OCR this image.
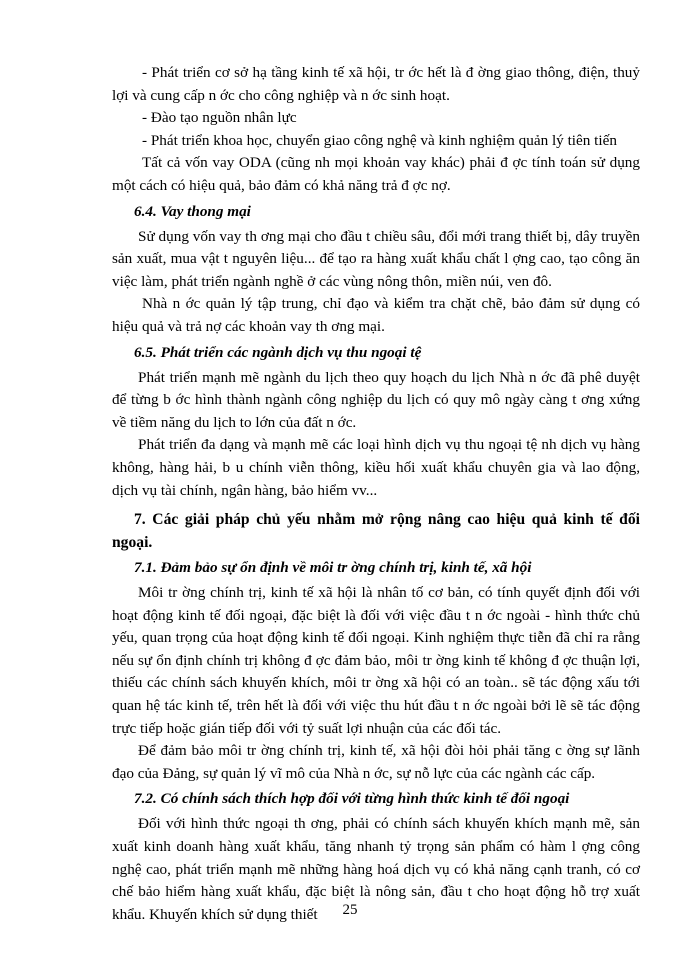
- Phát triển cơ sở hạ tầng kinh tế xã hội, tr ớc hết là đ ờng giao thông, điện, thuỷ lợi và cung cấp n ớc cho công nghiệp và n ớc sinh hoạt.

- Đào tạo nguồn nhân lực

- Phát triển khoa học, chuyển giao công nghệ và kinh nghiệm quản lý tiên tiến

Tất cả vốn vay ODA (cũng nh mọi khoản vay khác) phải đ ợc tính toán sử dụng một cách có hiệu quả, bảo đảm có khả năng trả đ ợc nợ.

6.4. Vay thong mại

Sử dụng vốn vay th ơng mại cho đầu t chiều sâu, đổi mới trang thiết bị, dây truyền sản xuất, mua vật t nguyên liệu... để tạo ra hàng xuất khẩu chất l ợng cao, tạo công ăn việc làm, phát triển ngành nghề ở các vùng nông thôn, miền núi, ven đô.

Nhà n ớc quản lý tập trung, chỉ đạo và kiểm tra chặt chẽ, bảo đảm sử dụng có hiệu quả và trả nợ các khoản vay th ơng mại.

6.5. Phát triển các ngành dịch vụ thu ngoại tệ

Phát triển mạnh mẽ ngành du lịch theo quy hoạch du lịch Nhà n ớc đã phê duyệt để từng b ớc hình thành ngành công nghiệp du lịch có quy mô ngày càng t ơng xứng về tiềm năng du lịch to lớn của đất n ớc.

Phát triển đa dạng và mạnh mẽ các loại hình dịch vụ thu ngoại tệ nh dịch vụ hàng không, hàng hải, b u chính viễn thông, kiều hối xuất khẩu chuyên gia và lao động, dịch vụ tài chính, ngân hàng, bảo hiểm vv...

7. Các giải pháp chủ yếu nhằm mở rộng nâng cao hiệu quả kinh tế đối ngoại.
7.1. Đảm bảo sự ổn định về môi tr ờng chính trị, kinh tế, xã hội

Môi tr ờng chính trị, kinh tế xã hội là nhân tố cơ bản, có tính quyết định đối với hoạt động kinh tế đối ngoại, đặc biệt là đối với việc đầu t n ớc ngoài - hình thức chủ yếu, quan trọng của hoạt động kinh tế đối ngoại. Kinh nghiệm thực tiễn đã chỉ ra rằng nếu sự ổn định chính trị không đ ợc đảm bảo, môi tr ờng kinh tế không đ ợc thuận lợi, thiếu các chính sách khuyến khích, môi tr ờng xã hội có an toàn.. sẽ tác động xấu tới quan hệ tác kinh tế, trên hết là đối với việc thu hút đầu t n ớc ngoài bởi lẽ sẽ tác động trực tiếp hoặc gián tiếp đối với tỷ suất lợi nhuận của các đối tác.

Để đảm bảo môi tr ờng chính trị, kinh tế, xã hội đòi hỏi phải tăng c ờng sự lãnh đạo của Đảng, sự quản lý vĩ mô của Nhà n ớc, sự nỗ lực của các ngành các cấp.

7.2. Có chính sách thích hợp đối với từng hình thức kinh tế đối ngoại

Đối với hình thức ngoại th ơng, phải có chính sách khuyến khích mạnh mẽ, sản xuất kinh doanh hàng xuất khẩu, tăng nhanh tỷ trọng sản phẩm có hàm l ợng công nghệ cao, phát triển mạnh mẽ những hàng hoá dịch vụ có khả năng cạnh tranh, có cơ chế bảo hiểm hàng xuất khẩu, đặc biệt là nông sản, đầu t cho hoạt động hỗ trợ xuất khẩu. Khuyến khích sử dụng thiết	25
